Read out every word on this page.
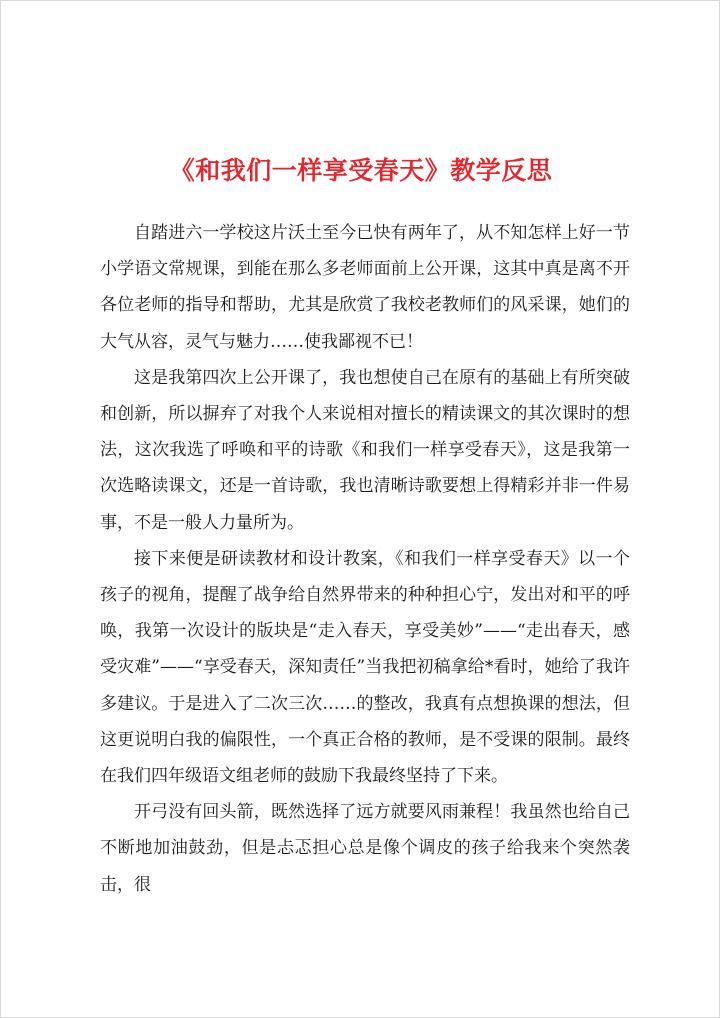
《和我们一样享受春天》教学反思

自踏进六一学校这片沃土至今已快有两年了，从不知怎样上好一节小学语文常规课，到能在那么多老师面前上公开课，这其中真是离不开各位老师的指导和帮助，尤其是欣赏了我校老教师们的风采课，她们的大气从容，灵气与魅力……使我鄙视不已！

这是我第四次上公开课了，我也想使自己在原有的基础上有所突破和创新，所以摒弃了对我个人来说相对擅长的精读课文的其次课时的想法，这次我选了呼唤和平的诗歌《和我们一样享受春天》，这是我第一次选略读课文，还是一首诗歌，我也清晰诗歌要想上得精彩并非一件易事，不是一般人力量所为。

接下来便是研读教材和设计教案，《和我们一样享受春天》以一个孩子的视角，提醒了战争给自然界带来的种种担心宁，发出对和平的呼唤，我第一次设计的版块是“走入春天，享受美妙”——“走出春天，感受灾难”——“享受春天，深知责任”当我把初稿拿给*看时，她给了我许多建议。于是进入了二次三次……的整改，我真有点想换课的想法，但这更说明白我的偏限性，一个真正合格的教师，是不受课的限制。最终在我们四年级语文组老师的鼓励下我最终坚持了下来。

开弓没有回头箭，既然选择了远方就要风雨兼程！我虽然也给自己不断地加油鼓劲，但是忐忑担心总是像个调皮的孩子给我来个突然袭击，很
